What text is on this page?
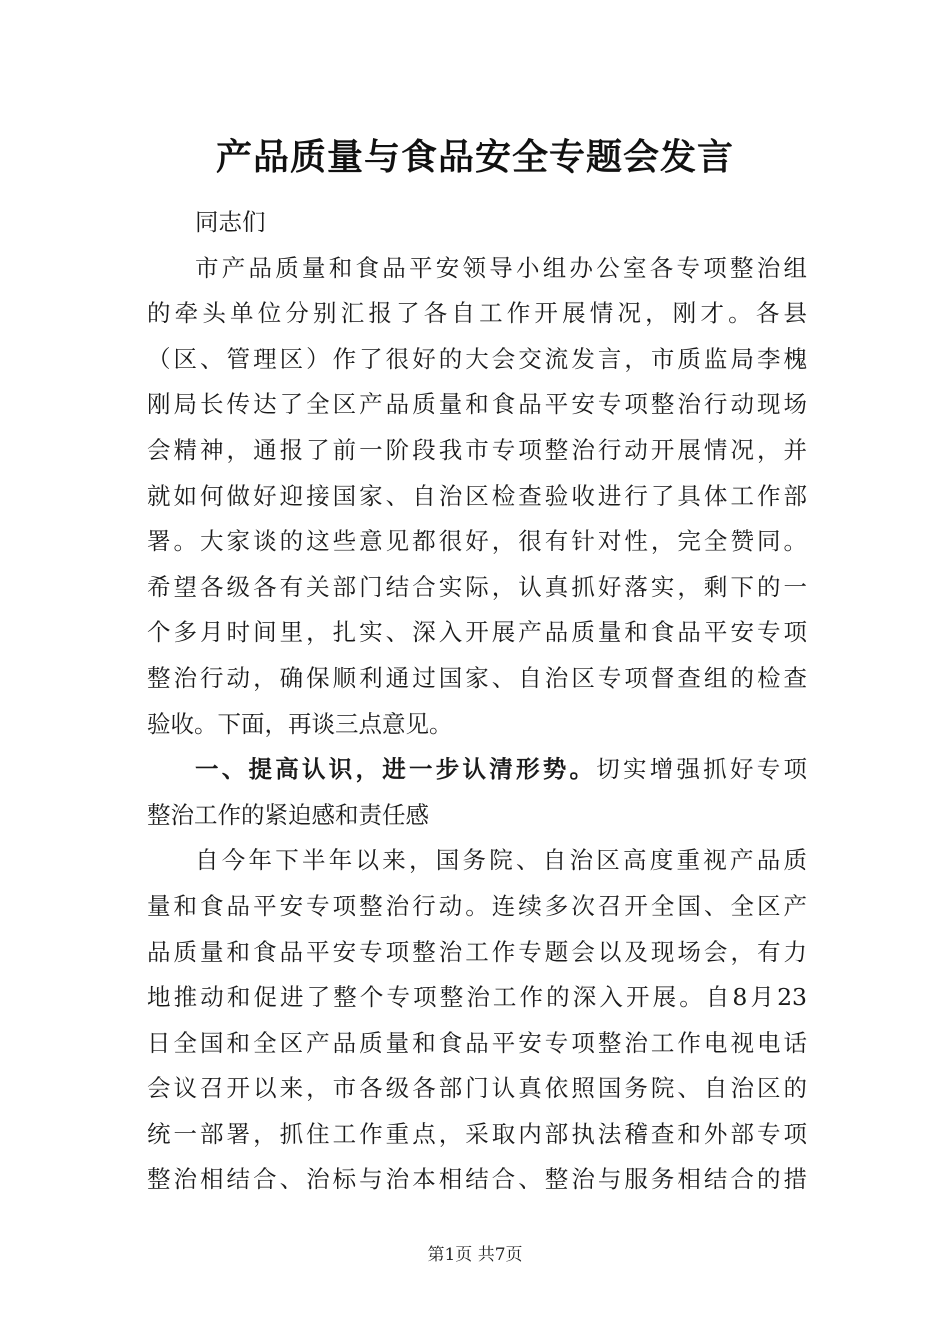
产品质量与食品安全专题会发言
同志们
市产品质量和食品平安领导小组办公室各专项整治组
的牵头单位分别汇报了各自工作开展情况，刚才。各县
（区、管理区）作了很好的大会交流发言，市质监局李槐
刚局长传达了全区产品质量和食品平安专项整治行动现场
会精神，通报了前一阶段我市专项整治行动开展情况，并
就如何做好迎接国家、自治区检查验收进行了具体工作部
署。大家谈的这些意见都很好，很有针对性，完全赞同。
希望各级各有关部门结合实际，认真抓好落实，剩下的一
个多月时间里，扎实、深入开展产品质量和食品平安专项
整治行动，确保顺利通过国家、自治区专项督查组的检查
验收。下面，再谈三点意见。
一、提高认识，进一步认清形势。切实增强抓好专项
整治工作的紧迫感和责任感
自今年下半年以来，国务院、自治区高度重视产品质
量和食品平安专项整治行动。连续多次召开全国、全区产
品质量和食品平安专项整治工作专题会以及现场会，有力
地推动和促进了整个专项整治工作的深入开展。自8月23
日全国和全区产品质量和食品平安专项整治工作电视电话
会议召开以来，市各级各部门认真依照国务院、自治区的
统一部署，抓住工作重点，采取内部执法稽查和外部专项
整治相结合、治标与治本相结合、整治与服务相结合的措
第1页 共7页
